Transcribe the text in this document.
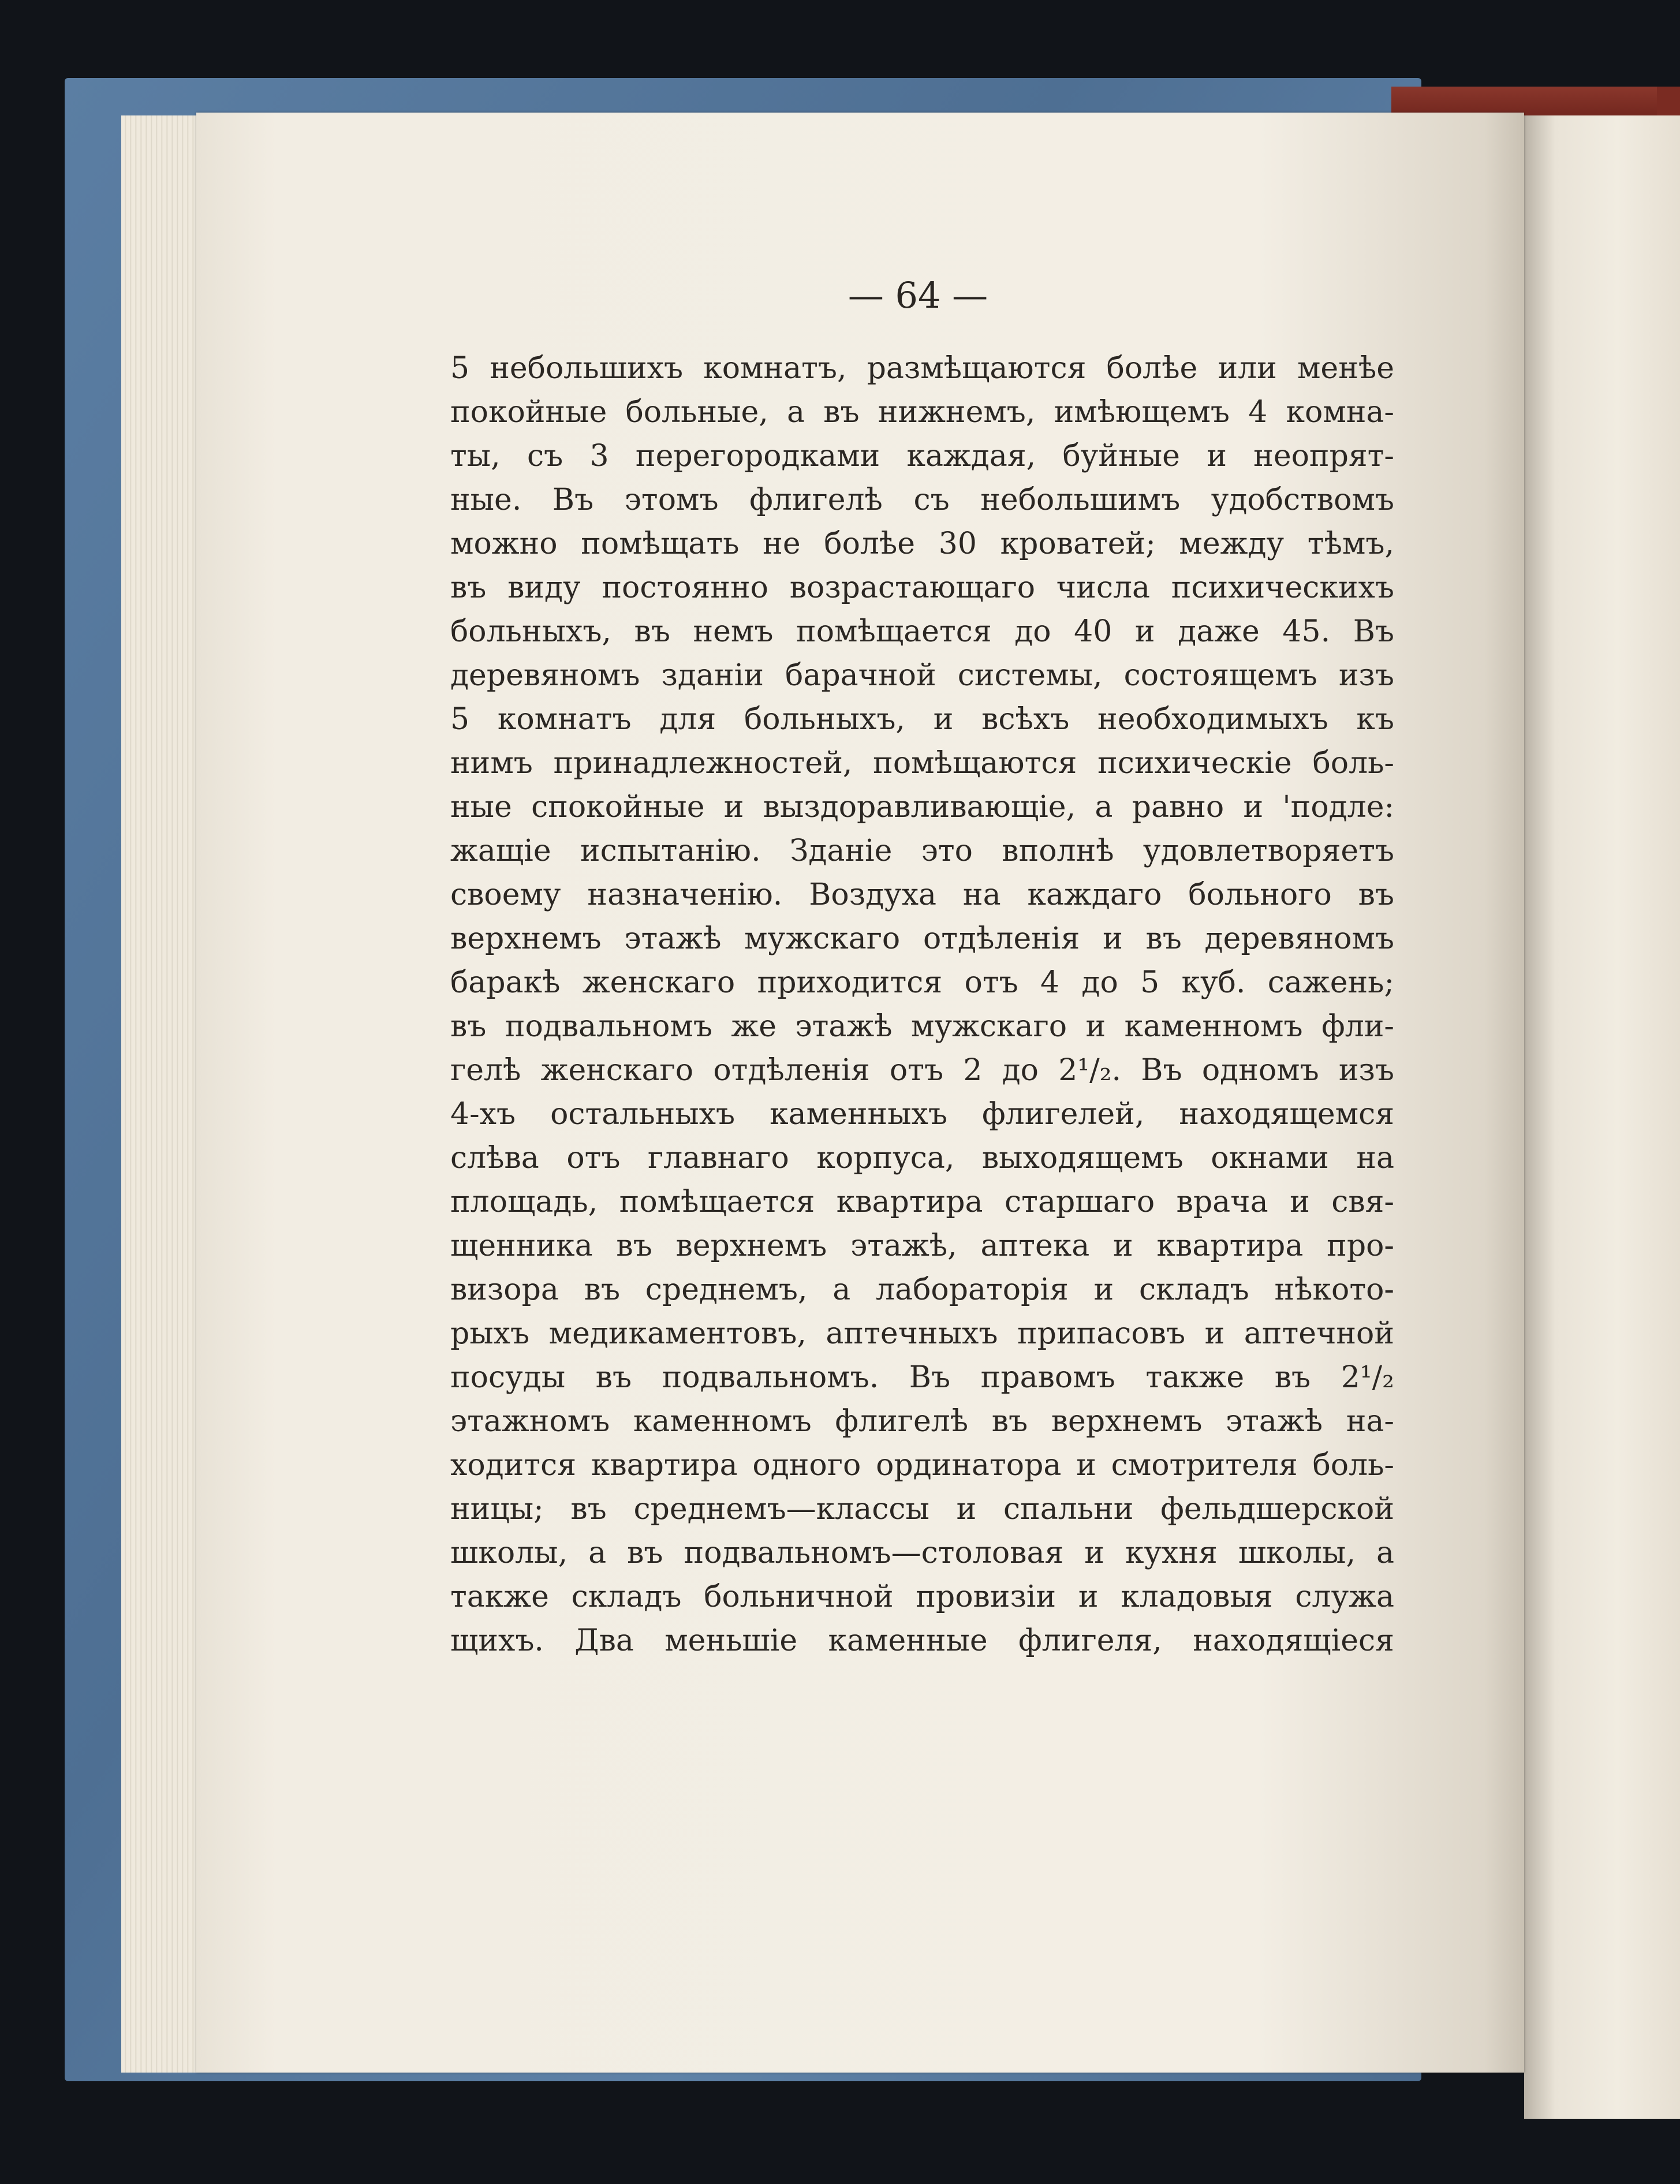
— 64 —
5 небольшихъ комнатъ, размѣщаются болѣе или менѣе
покойные больные, а въ нижнемъ, имѣющемъ 4 комна-
ты, съ 3 перегородками каждая, буйные и неопрят-
ные. Въ этомъ флигелѣ съ небольшимъ удобствомъ
можно помѣщать не болѣе 30 кроватей; между тѣмъ,
въ виду постоянно возрастающаго числа психическихъ
больныхъ, въ немъ помѣщается до 40 и даже 45. Въ
деревяномъ зданіи барачной системы, состоящемъ изъ
5 комнатъ для больныхъ, и всѣхъ необходимыхъ къ
нимъ принадлежностей, помѣщаются психическіе боль-
ные спокойные и выздоравливающіе, а равно и 'подле:
жащіе испытанію. Зданіе это вполнѣ удовлетворяетъ
своему назначенію. Воздуха на каждаго больного въ
верхнемъ этажѣ мужскаго отдѣленія и въ деревяномъ
баракѣ женскаго приходится отъ 4 до 5 куб. сажень;
въ подвальномъ же этажѣ мужскаго и каменномъ фли-
гелѣ женскаго отдѣленія отъ 2 до 2¹/₂. Въ одномъ изъ
4-хъ остальныхъ каменныхъ флигелей, находящемся
слѣва отъ главнаго корпуса, выходящемъ окнами на
площадь, помѣщается квартира старшаго врача и свя-
щенника въ верхнемъ этажѣ, аптека и квартира про-
визора въ среднемъ, а лабораторія и складъ нѣкото-
рыхъ медикаментовъ, аптечныхъ припасовъ и аптечной
посуды въ подвальномъ. Въ правомъ также въ 2¹/₂
этажномъ каменномъ флигелѣ въ верхнемъ этажѣ на-
ходится квартира одного ординатора и смотрителя боль-
ницы; въ среднемъ—классы и спальни фельдшерской
школы, а въ подвальномъ—столовая и кухня школы, а
также складъ больничной провизіи и кладовыя служа
щихъ. Два меньшіе каменные флигеля, находящіеся
